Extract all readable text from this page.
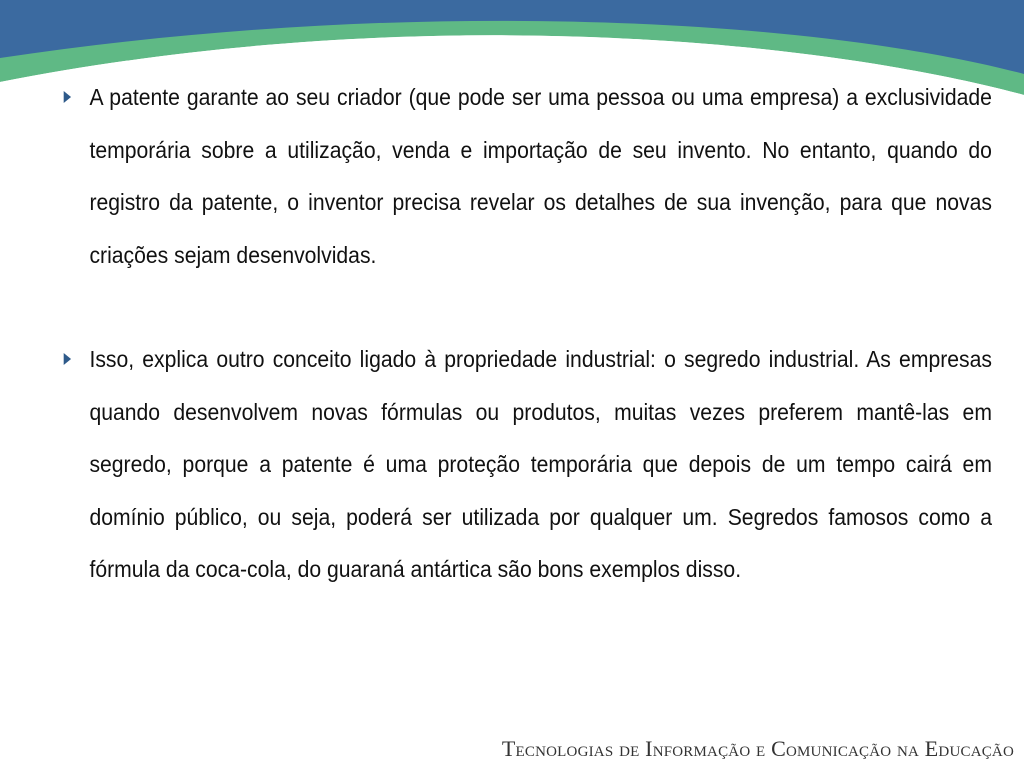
A patente garante ao seu criador (que pode ser uma pessoa ou uma empresa) a exclusividade temporária sobre a utilização, venda e importação de seu invento. No entanto, quando do registro da patente, o inventor precisa revelar os detalhes de sua invenção, para que novas criações sejam desenvolvidas.
Isso, explica outro conceito ligado à propriedade industrial: o segredo industrial. As empresas quando desenvolvem novas fórmulas ou produtos, muitas vezes preferem mantê-las em segredo, porque a patente é uma proteção temporária que depois de um tempo cairá em domínio público, ou seja, poderá ser utilizada por qualquer um. Segredos famosos como a fórmula da coca-cola, do guaraná antártica são bons exemplos disso.
Tecnologias de Informação e Comunicação na Educação
